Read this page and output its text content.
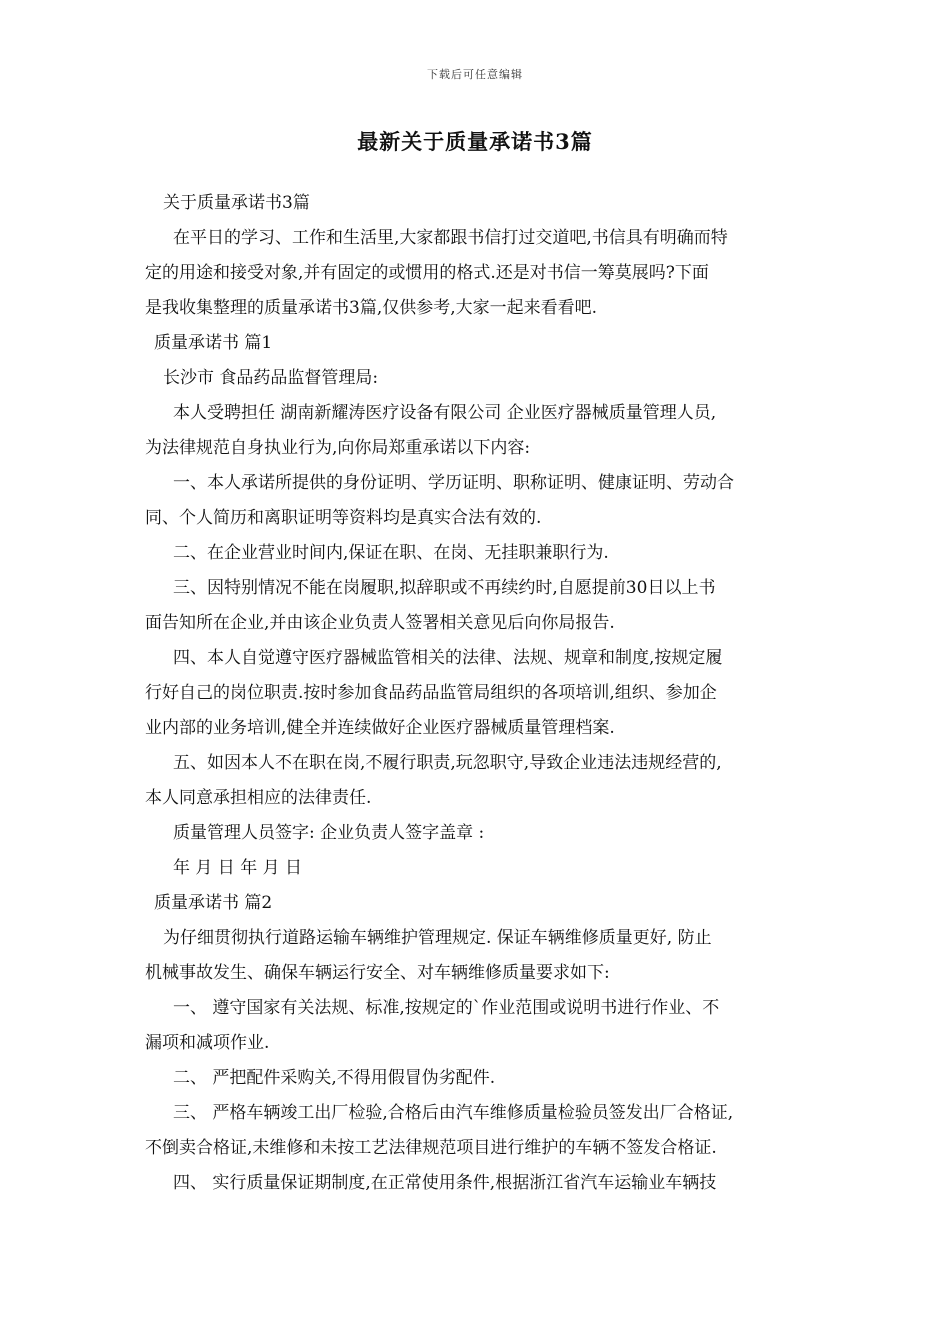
下载后可任意编辑
最新关于质量承诺书3篇
关于质量承诺书3篇
在平日的学习、工作和生活里,大家都跟书信打过交道吧,书信具有明确而特
定的用途和接受对象,并有固定的或惯用的格式.还是对书信一筹莫展吗?下面
是我收集整理的质量承诺书3篇,仅供参考,大家一起来看看吧.
质量承诺书 篇1
长沙市 食品药品监督管理局:
本人受聘担任 湖南新耀涛医疗设备有限公司 企业医疗器械质量管理人员,
为法律规范自身执业行为,向你局郑重承诺以下内容:
一、本人承诺所提供的身份证明、学历证明、职称证明、健康证明、劳动合
同、个人简历和离职证明等资料均是真实合法有效的.
二、在企业营业时间内,保证在职、在岗、无挂职兼职行为.
三、因特别情况不能在岗履职,拟辞职或不再续约时,自愿提前30日以上书
面告知所在企业,并由该企业负责人签署相关意见后向你局报告.
四、本人自觉遵守医疗器械监管相关的法律、法规、规章和制度,按规定履
行好自己的岗位职责.按时参加食品药品监管局组织的各项培训,组织、参加企
业内部的业务培训,健全并连续做好企业医疗器械质量管理档案.
五、如因本人不在职在岗,不履行职责,玩忽职守,导致企业违法违规经营的,
本人同意承担相应的法律责任.
质量管理人员签字: 企业负责人签字盖章 :
年 月 日 年 月 日
质量承诺书 篇2
为仔细贯彻执行道路运输车辆维护管理规定. 保证车辆维修质量更好, 防止
机械事故发生、确保车辆运行安全、对车辆维修质量要求如下:
一、 遵守国家有关法规、标准,按规定的`作业范围或说明书进行作业、不
漏项和减项作业.
二、 严把配件采购关,不得用假冒伪劣配件.
三、 严格车辆竣工出厂检验,合格后由汽车维修质量检验员签发出厂合格证,
不倒卖合格证,未维修和未按工艺法律规范项目进行维护的车辆不签发合格证.
四、 实行质量保证期制度,在正常使用条件,根据浙江省汽车运输业车辆技
